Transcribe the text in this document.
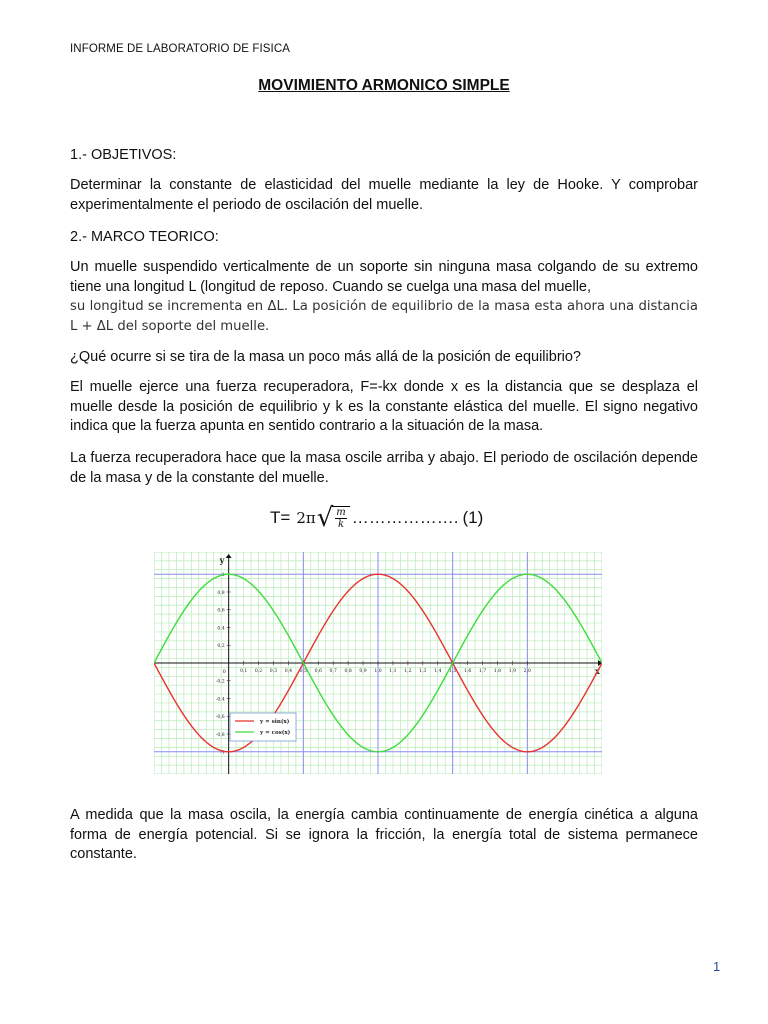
INFORME DE LABORATORIO DE FISICA
MOVIMIENTO ARMONICO SIMPLE
1.- OBJETIVOS:
Determinar la constante de elasticidad del muelle mediante la ley de Hooke. Y comprobar experimentalmente el periodo de oscilación del muelle.
2.- MARCO TEORICO:
Un muelle suspendido verticalmente de un soporte sin ninguna masa colgando de su extremo tiene una longitud L (longitud de reposo. Cuando se cuelga una masa del muelle,
su longitud se incrementa en ΔL. La posición de equilibrio de la masa esta ahora una distancia L + ΔL del soporte del muelle.
¿Qué ocurre si se tira de la masa un poco más allá de la posición de equilibrio?
El muelle ejerce una fuerza recuperadora, F=-kx donde x es la distancia que se desplaza el muelle desde la posición de equilibrio y k es la constante elástica del muelle. El signo negativo indica que la fuerza apunta en sentido contrario a la situación de la masa.
La fuerza recuperadora hace que la masa oscile arriba y abajo. El periodo de oscilación depende de la masa y de la constante del muelle.
T= 2π √ $\frac{m}{k}$ ………………. (1)
x
y
0	0,1 0,2 0,3 0,4 0,5 0,6 0,7 0,8 0,9 1,0 1,1 1,2 1,3 1,4 1,5 1,6 1,7 1,8 1,9 2,0
1
0,8
0,6
0,4
0,2
-0,2
-0,4
-0,6
-0,8
-1
y = sin(x)
y = cos(x)
A medida que la masa oscila, la energía cambia continuamente de energía cinética a alguna forma de energía potencial. Si se ignora la fricción, la energía total de sistema permanece constante.
1
